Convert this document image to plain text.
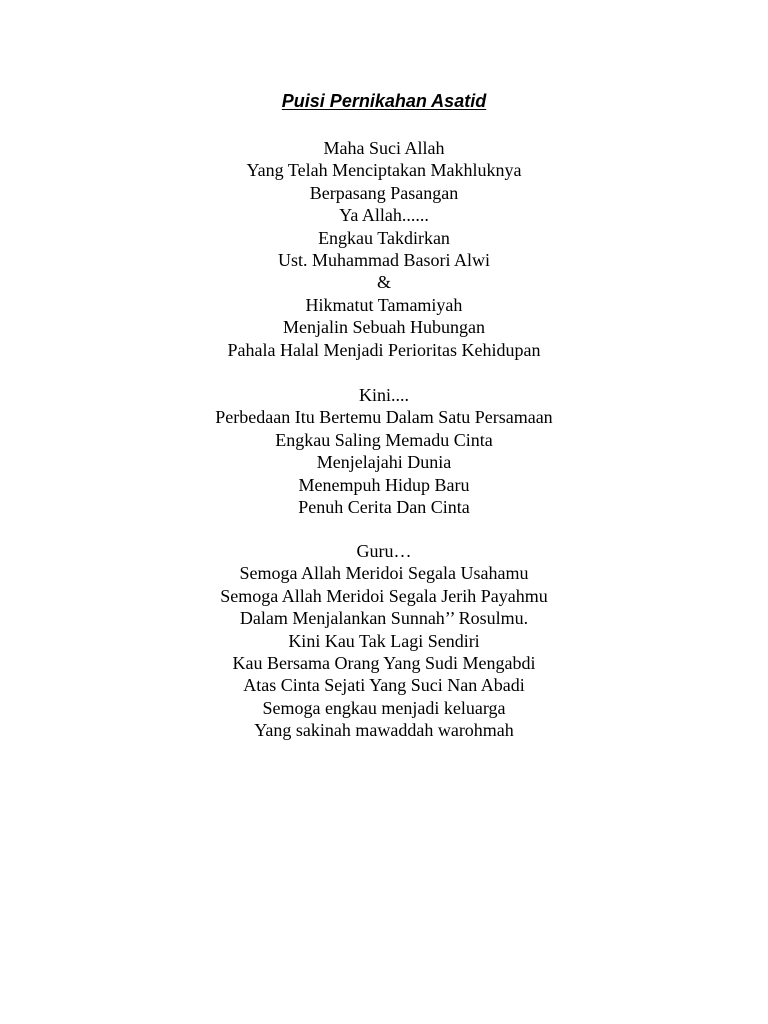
Puisi Pernikahan Asatid
Maha Suci Allah
Yang Telah Menciptakan Makhluknya
Berpasang Pasangan
Ya Allah......
Engkau Takdirkan
Ust. Muhammad Basori Alwi
&
Hikmatut Tamamiyah
Menjalin Sebuah Hubungan
Pahala Halal Menjadi Perioritas Kehidupan
Kini....
Perbedaan Itu Bertemu Dalam Satu Persamaan
Engkau Saling Memadu Cinta
Menjelajahi Dunia
Menempuh Hidup Baru
Penuh Cerita Dan Cinta
Guru…
Semoga Allah Meridoi Segala Usahamu
Semoga Allah Meridoi Segala Jerih Payahmu
Dalam Menjalankan Sunnah’’ Rosulmu.
Kini Kau Tak Lagi Sendiri
Kau Bersama Orang Yang Sudi Mengabdi
Atas Cinta Sejati Yang Suci Nan Abadi
Semoga engkau menjadi keluarga
Yang sakinah mawaddah warohmah
